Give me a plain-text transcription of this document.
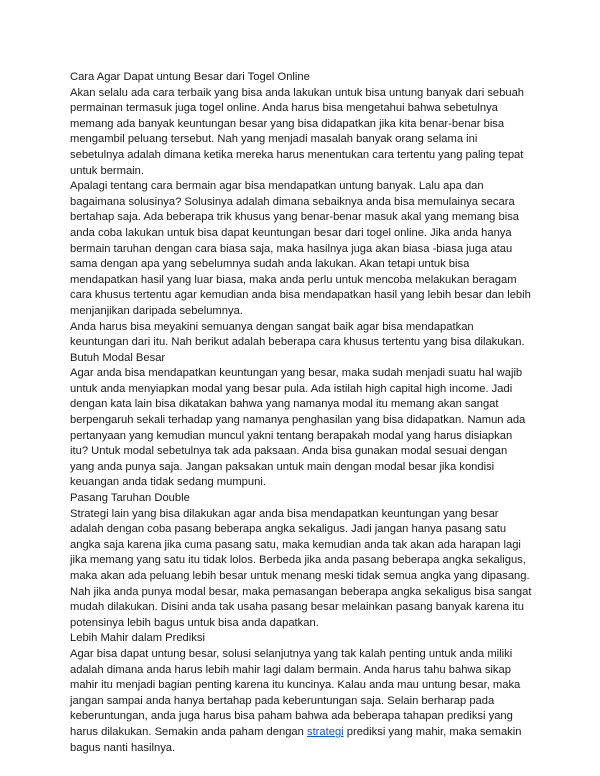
Cara Agar Dapat untung Besar dari Togel Online

Akan selalu ada cara terbaik yang bisa anda lakukan untuk bisa untung banyak dari sebuah permainan termasuk juga togel online. Anda harus bisa mengetahui bahwa sebetulnya memang ada banyak keuntungan besar yang bisa didapatkan jika kita benar-benar bisa mengambil peluang tersebut. Nah yang menjadi masalah banyak orang selama ini sebetulnya adalah dimana ketika mereka harus menentukan cara tertentu yang paling tepat untuk bermain.

Apalagi tentang cara bermain agar bisa mendapatkan untung banyak. Lalu apa dan bagaimana solusinya? Solusinya adalah dimana sebaiknya anda bisa memulainya secara bertahap saja. Ada beberapa trik khusus yang benar-benar masuk akal yang memang bisa anda coba lakukan untuk bisa dapat keuntungan besar dari togel online. Jika anda hanya bermain taruhan dengan cara biasa saja, maka hasilnya juga akan biasa -biasa juga atau sama dengan apa yang sebelumnya sudah anda lakukan. Akan tetapi untuk bisa mendapatkan hasil yang luar biasa, maka anda perlu untuk mencoba melakukan beragam cara khusus tertentu agar kemudian anda bisa mendapatkan hasil yang lebih besar dan lebih menjanjikan daripada sebelumnya.

Anda harus bisa meyakini semuanya dengan sangat baik agar bisa mendapatkan keuntungan dari itu. Nah berikut adalah beberapa cara khusus tertentu yang bisa dilakukan.

Butuh Modal Besar

Agar anda bisa mendapatkan keuntungan yang besar, maka sudah menjadi suatu hal wajib untuk anda menyiapkan modal yang besar pula. Ada istilah high capital high income. Jadi dengan kata lain bisa dikatakan bahwa yang namanya modal itu memang akan sangat berpengaruh sekali terhadap yang namanya penghasilan yang bisa didapatkan. Namun ada pertanyaan yang kemudian muncul yakni tentang berapakah modal yang harus disiapkan itu? Untuk modal sebetulnya tak ada paksaan. Anda bisa gunakan modal sesuai dengan yang anda punya saja. Jangan paksakan untuk main dengan modal besar jika kondisi keuangan anda tidak sedang mumpuni.

Pasang Taruhan Double

Strategi lain yang bisa dilakukan agar anda bisa mendapatkan keuntungan yang besar adalah dengan coba pasang beberapa angka sekaligus. Jadi jangan hanya pasang satu angka saja karena jika cuma pasang satu, maka kemudian anda tak akan ada harapan lagi jika memang yang satu itu tidak lolos. Berbeda jika anda pasang beberapa angka sekaligus, maka akan ada peluang lebih besar untuk menang meski tidak semua angka yang dipasang. Nah jika anda punya modal besar, maka pemasangan beberapa angka sekaligus bisa sangat mudah dilakukan. Disini anda tak usaha pasang besar melainkan pasang banyak karena itu potensinya lebih bagus untuk bisa anda dapatkan.

Lebih Mahir dalam Prediksi

Agar bisa dapat untung besar, solusi selanjutnya yang tak kalah penting untuk anda miliki adalah dimana anda harus lebih mahir lagi dalam bermain. Anda harus tahu bahwa sikap mahir itu menjadi bagian penting karena itu kuncinya. Kalau anda mau untung besar, maka jangan sampai anda hanya bertahap pada keberuntungan saja. Selain berharap pada keberuntungan, anda juga harus bisa paham bahwa ada beberapa tahapan prediksi yang harus dilakukan. Semakin anda paham dengan strategi prediksi yang mahir, maka semakin bagus nanti hasilnya.
